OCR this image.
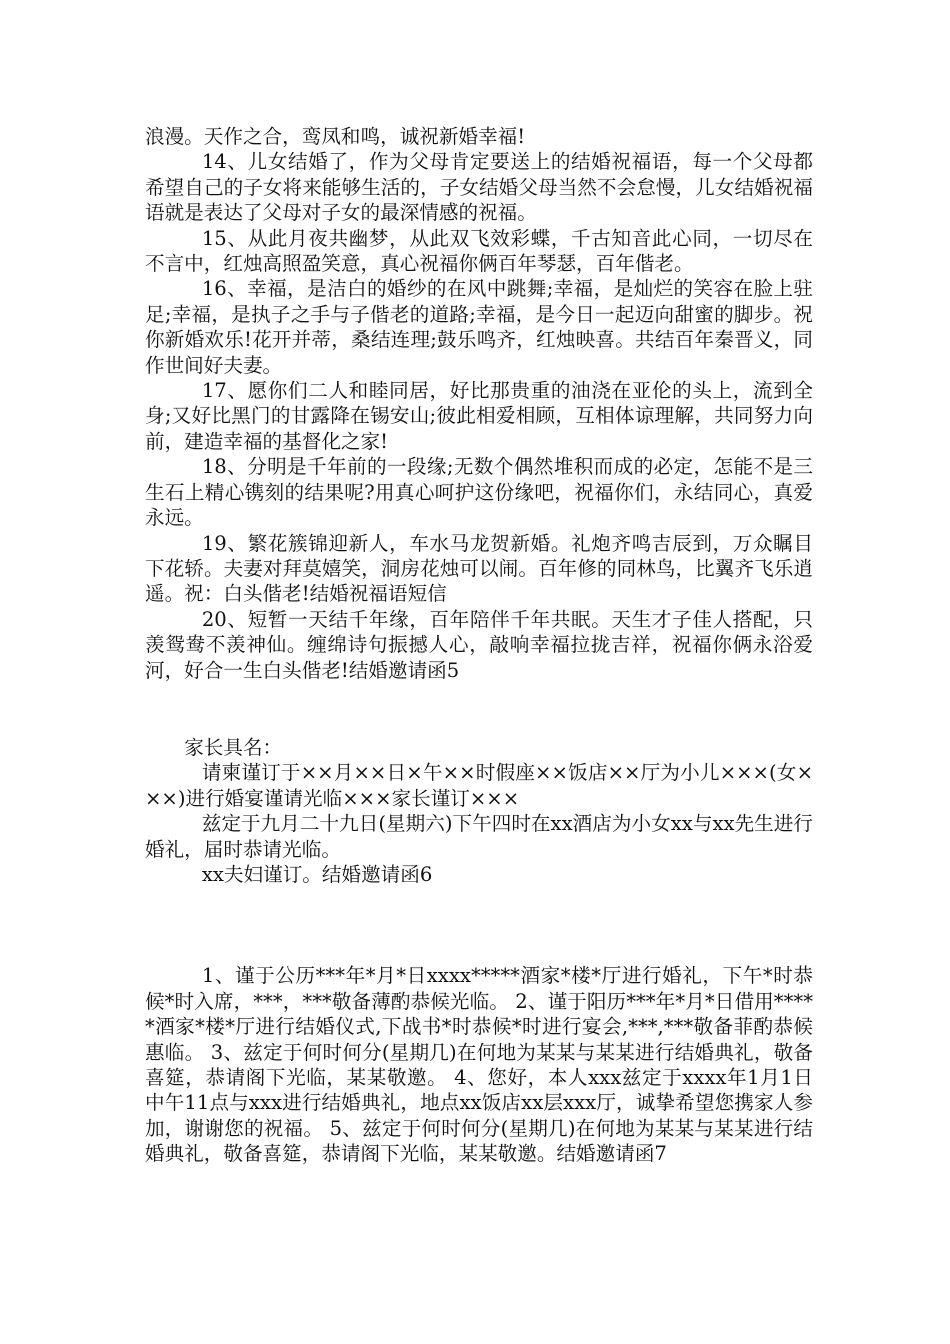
浪漫。天作之合，鸾凤和鸣，诚祝新婚幸福!

14、儿女结婚了，作为父母肯定要送上的结婚祝福语，每一个父母都希望自己的子女将来能够生活的，子女结婚父母当然不会怠慢，儿女结婚祝福语就是表达了父母对子女的最深情感的祝福。

15、从此月夜共幽梦，从此双飞效彩蝶，千古知音此心同，一切尽在不言中，红烛高照盈笑意，真心祝福你俩百年琴瑟，百年偕老。

16、幸福，是洁白的婚纱的在风中跳舞;幸福，是灿烂的笑容在脸上驻足;幸福，是执子之手与子偕老的道路;幸福，是今日一起迈向甜蜜的脚步。祝你新婚欢乐!花开并蒂，桑结连理;鼓乐鸣齐，红烛映喜。共结百年秦晋义，同作世间好夫妻。

17、愿你们二人和睦同居，好比那贵重的油浇在亚伦的头上，流到全身;又好比黑门的甘露降在锡安山;彼此相爱相顾，互相体谅理解，共同努力向前，建造幸福的基督化之家!

18、分明是千年前的一段缘;无数个偶然堆积而成的必定，怎能不是三生石上精心镌刻的结果呢?用真心呵护这份缘吧，祝福你们，永结同心，真爱永远。

19、繁花簇锦迎新人，车水马龙贺新婚。礼炮齐鸣吉辰到，万众瞩目下花轿。夫妻对拜莫嬉笑，洞房花烛可以闹。百年修的同林鸟，比翼齐飞乐逍遥。祝：白头偕老!结婚祝福语短信

20、短暂一天结千年缘，百年陪伴千年共眠。天生才子佳人搭配，只羡鸳鸯不羡神仙。缠绵诗句振撼人心，敲响幸福拉拢吉祥，祝福你俩永浴爱河，好合一生白头偕老!结婚邀请函5

家长具名：

请柬谨订于××月××日×午××时假座××饭店××厅为小儿×××(女×××)进行婚宴谨请光临×××家长谨订×××

兹定于九月二十九日(星期六)下午四时在xx酒店为小女xx与xx先生进行婚礼，届时恭请光临。

xx夫妇谨订。结婚邀请函6

1、谨于公历***年*月*日xxxx*****酒家*楼*厅进行婚礼，下午*时恭候*时入席，***，***敬备薄酌恭候光临。 2、谨于阳历***年*月*日借用*****酒家*楼*厅进行结婚仪式,下战书*时恭候*时进行宴会,***,***敬备菲酌恭候惠临。 3、兹定于何时何分(星期几)在何地为某某与某某进行结婚典礼，敬备喜筵，恭请阁下光临，某某敬邀。 4、您好，本人xxx兹定于xxxx年1月1日中午11点与xxx进行结婚典礼，地点xx饭店xx层xxx厅，诚挚希望您携家人参加，谢谢您的祝福。 5、兹定于何时何分(星期几)在何地为某某与某某进行结婚典礼，敬备喜筵，恭请阁下光临，某某敬邀。结婚邀请函7
